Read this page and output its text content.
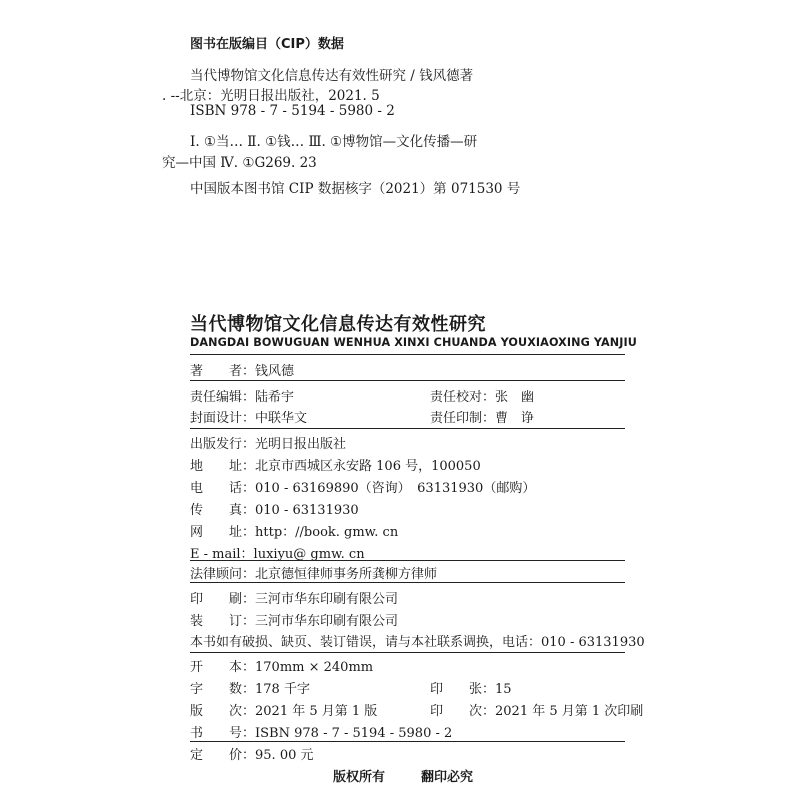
图书在版编目（CIP）数据
当代博物馆文化信息传达有效性研究 / 钱风德著
. --北京：光明日报出版社，2021. 5
ISBN 978 - 7 - 5194 - 5980 - 2
Ⅰ. ①当… Ⅱ. ①钱… Ⅲ. ①博物馆—文化传播—研
究—中国 Ⅳ. ①G269. 23
中国版本图书馆 CIP 数据核字（2021）第 071530 号
当代博物馆文化信息传达有效性研究
DANGDAI BOWUGUAN WENHUA XINXI CHUANDA YOUXIAOXING YANJIU
著　　者：钱风德
责任编辑：陆希宇	责任校对：张　幽
封面设计：中联华文	责任印制：曹　诤
出版发行：光明日报出版社
地　　址：北京市西城区永安路 106 号，100050
电　　话：010 - 63169890（咨询）　63131930（邮购）
传　　真：010 - 63131930
网　　址：http：//book. gmw. cn
E - mail：luxiyu@ gmw. cn
法律顾问：北京德恒律师事务所龚柳方律师
印　　刷：三河市华东印刷有限公司
装　　订：三河市华东印刷有限公司
本书如有破损、缺页、装订错误，请与本社联系调换，电话：010 - 63131930
开　　本：170mm × 240mm
字　　数：178 千字	印　　张：15
版　　次：2021 年 5 月第 1 版	印　　次：2021 年 5 月第 1 次印刷
书　　号：ISBN 978 - 7 - 5194 - 5980 - 2
定　　价：95. 00 元
版权所有	翻印必究
